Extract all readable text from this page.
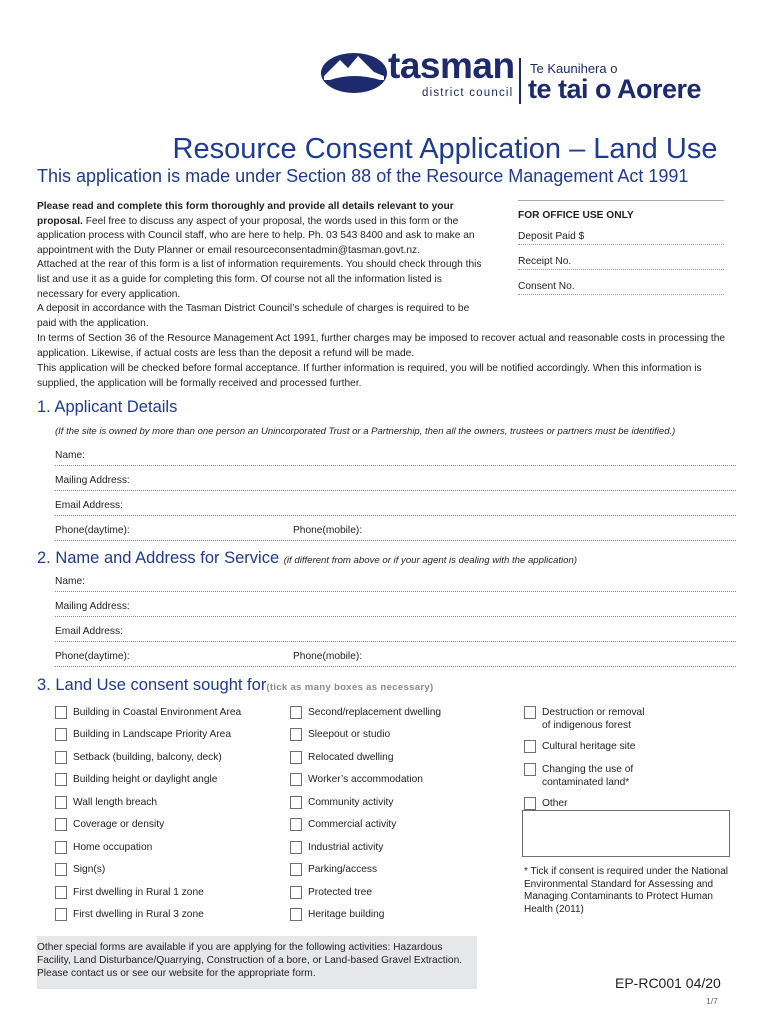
tasman
district council
Te Kaunihera o
te tai o Aorere
Resource Consent Application – Land Use
This application is made under Section 88 of the Resource Management Act 1991
Please read and complete this form thoroughly and provide all details relevant to your proposal. Feel free to discuss any aspect of your proposal, the words used in this form or the application process with Council staff, who are here to help. Ph. 03 543 8400 and ask to make an appointment with the Duty Planner or email resourceconsentadmin@tasman.govt.nz.
Attached at the rear of this form is a list of information requirements. You should check through this list and use it as a guide for completing this form. Of course not all the information listed is necessary for every application.
A deposit in accordance with the Tasman District Council’s schedule of charges is required to be paid with the application.
In terms of Section 36 of the Resource Management Act 1991, further charges may be imposed to recover actual and reasonable costs in processing the application. Likewise, if actual costs are less than the deposit a refund will be made.
This application will be checked before formal acceptance. If further information is required, you will be notified accordingly. When this information is supplied, the application will be formally received and processed further.
FOR OFFICE USE ONLY
Deposit Paid $
Receipt No.
Consent No.
1. Applicant Details
(If the site is owned by more than one person an Unincorporated Trust or a Partnership, then all the owners, trustees or partners must be identified.)
Name:
Mailing Address:
Email Address:
Phone(daytime):	Phone(mobile):
2. Name and Address for Service (if different from above or if your agent is dealing with the application)
Name:
Mailing Address:
Email Address:
Phone(daytime):	Phone(mobile):
3. Land Use consent sought for(tick as many boxes as necessary)
Building in Coastal Environment Area
Building in Landscape Priority Area
Setback (building, balcony, deck)
Building height or daylight angle
Wall length breach
Coverage or density
Home occupation
Sign(s)
First dwelling in Rural 1 zone
First dwelling in Rural 3 zone
Second/replacement dwelling
Sleepout or studio
Relocated dwelling
Worker’s accommodation
Community activity
Commercial activity
Industrial activity
Parking/access
Protected tree
Heritage building
Destruction or removal of indigenous forest
Cultural heritage site
Changing the use of contaminated land*
Other
* Tick if consent is required under the National Environmental Standard for Assessing and Managing Contaminants to Protect Human Health (2011)
Other special forms are available if you are applying for the following activities: Hazardous Facility, Land Disturbance/Quarrying, Construction of a bore, or Land-based Gravel Extraction. Please contact us or see our website for the appropriate form.
EP-RC001 04/20
1/7
